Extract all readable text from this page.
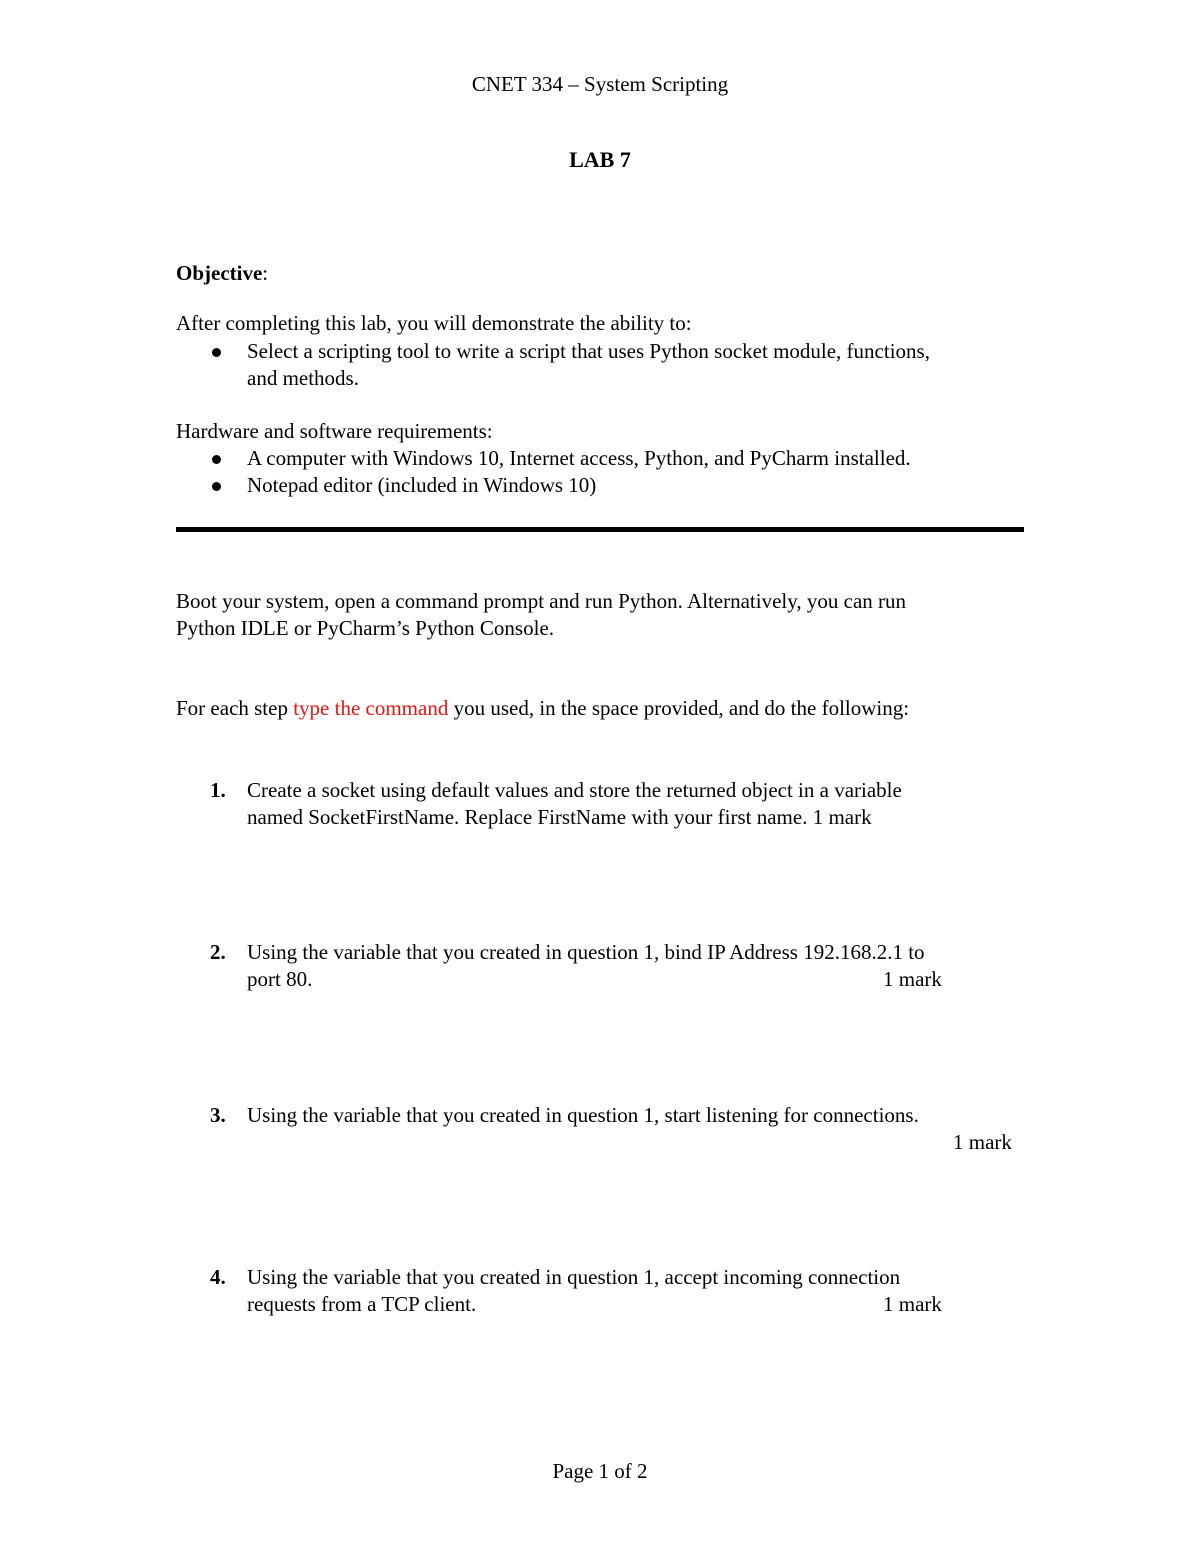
CNET 334 – System Scripting
LAB 7
Objective:
After completing this lab, you will demonstrate the ability to:
Select a scripting tool to write a script that uses Python socket module, functions,
and methods.
Hardware and software requirements:
A computer with Windows 10, Internet access, Python, and PyCharm installed.
Notepad editor (included in Windows 10)
Boot your system, open a command prompt and run Python. Alternatively, you can run
Python IDLE or PyCharm’s Python Console.
For each step type the command you used, in the space provided, and do the following:
1. Create a socket using default values and store the returned object in a variable
named SocketFirstName. Replace FirstName with your first name. 1 mark
2. Using the variable that you created in question 1, bind IP Address 192.168.2.1 to
port 80.	1 mark
3. Using the variable that you created in question 1, start listening for connections.
1 mark
4. Using the variable that you created in question 1, accept incoming connection
requests from a TCP client.	1 mark
Page 1 of 2
